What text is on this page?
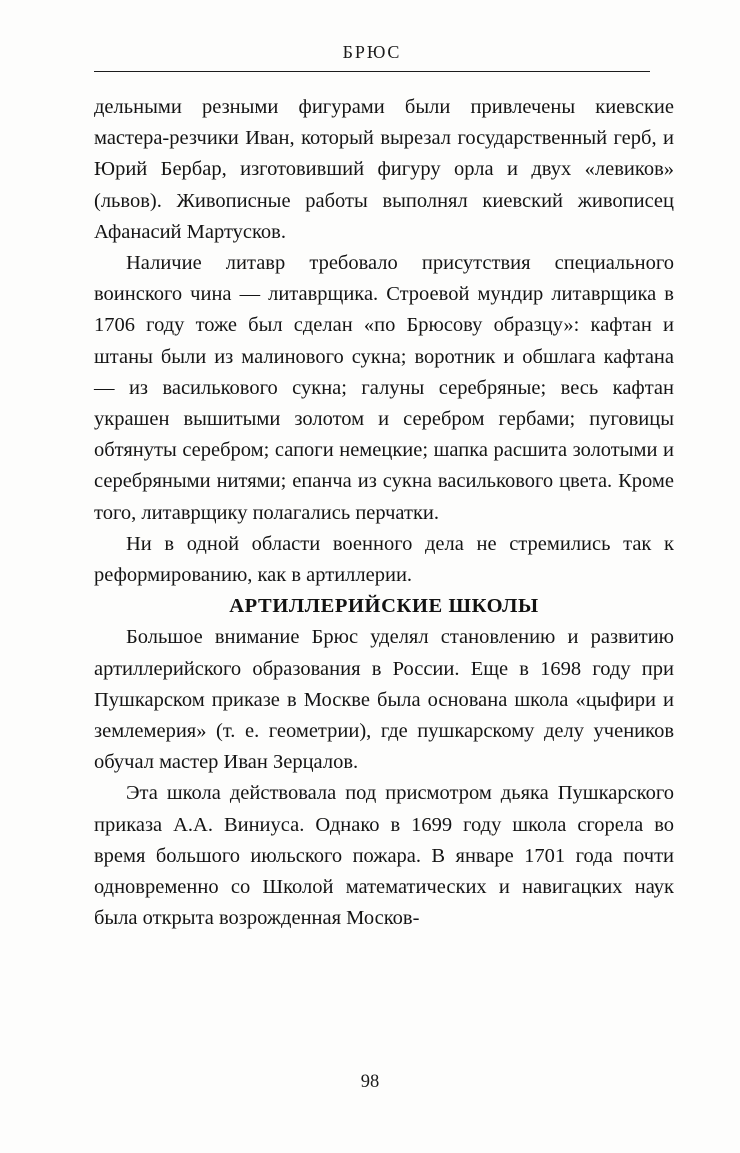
БРЮС

дельными резными фигурами были привлечены киевские мастера-резчики Иван, который вырезал государственный герб, и Юрий Бербар, изготовивший фигуру орла и двух «левиков» (львов). Живописные работы выполнял киевский живописец Афанасий Мартусков.

Наличие литавр требовало присутствия специального воинского чина — литаврщика. Строевой мундир литаврщика в 1706 году тоже был сделан «по Брюсову образцу»: кафтан и штаны были из малинового сукна; воротник и обшлага кафтана — из василькового сукна; галуны серебряные; весь кафтан украшен вышитыми золотом и серебром гербами; пуговицы обтянуты серебром; сапоги немецкие; шапка расшита золотыми и серебряными нитями; епанча из сукна василькового цвета. Кроме того, литаврщику полагались перчатки.

Ни в одной области военного дела не стремились так к реформированию, как в артиллерии.

АРТИЛЛЕРИЙСКИЕ ШКОЛЫ

Большое внимание Брюс уделял становлению и развитию артиллерийского образования в России. Еще в 1698 году при Пушкарском приказе в Москве была основана школа «цыфири и землемерия» (т. е. геометрии), где пушкарскому делу учеников обучал мастер Иван Зерцалов.

Эта школа действовала под присмотром дьяка Пушкарского приказа А.А. Виниуса. Однако в 1699 году школа сгорела во время большого июльского пожара. В январе 1701 года почти одновременно со Школой математических и навигацких наук была открыта возрожденная Москов-

98
